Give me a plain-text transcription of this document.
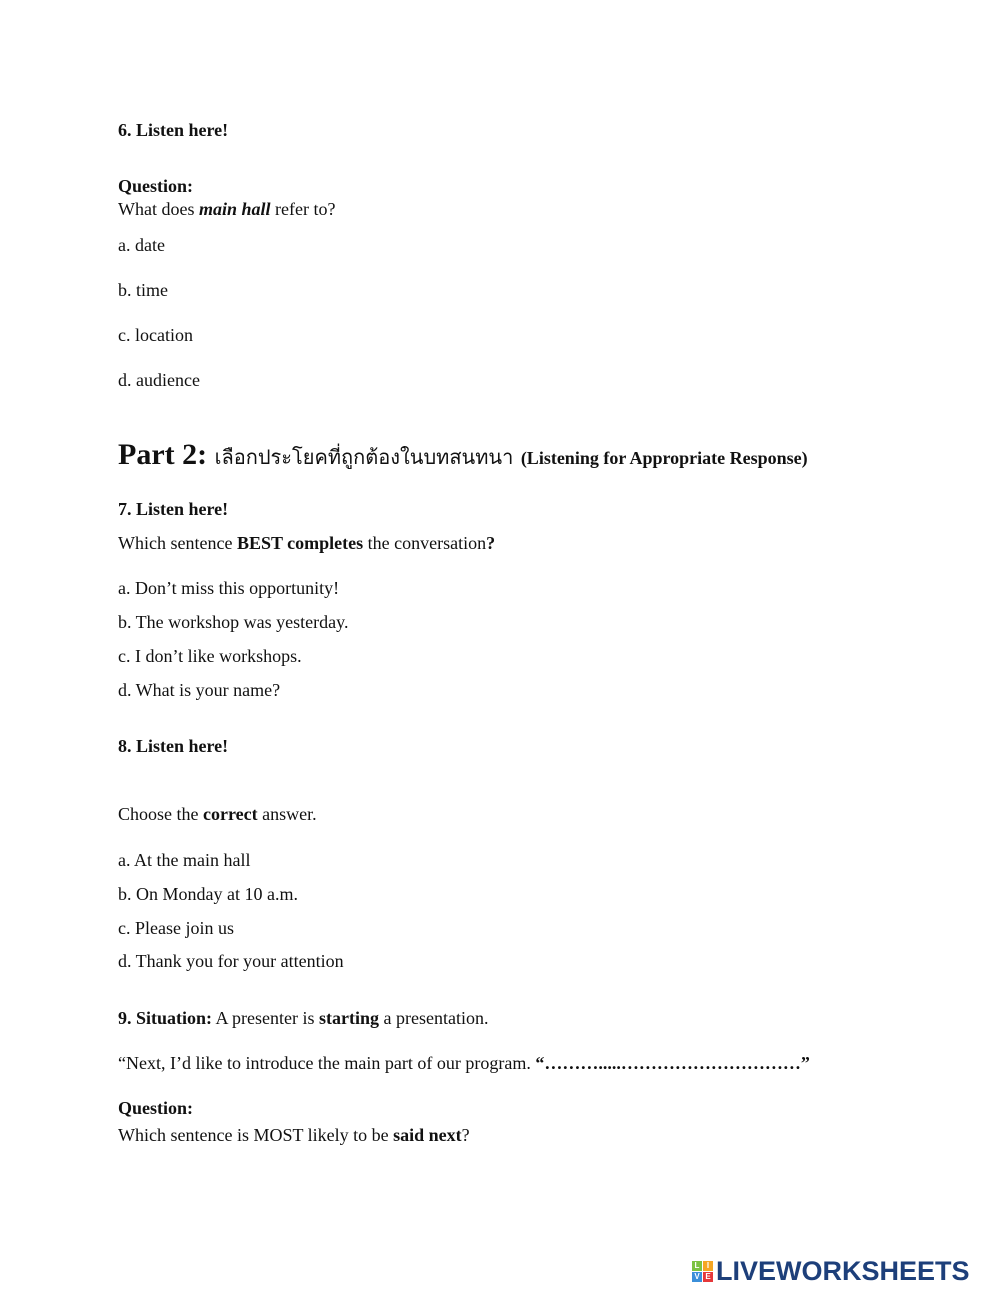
6. Listen here!
Question:
What does main hall refer to?
a. date
b. time
c. location
d. audience
Part 2: เลือกประโยคที่ถูกต้องในบทสนทนา (Listening for Appropriate Response)
7. Listen here!
Which sentence BEST completes the conversation?
a. Don’t miss this opportunity!
b. The workshop was yesterday.
c. I don’t like workshops.
d. What is your name?
8. Listen here!
Choose the correct answer.
a. At the main hall
b. On Monday at 10 a.m.
c. Please join us
d. Thank you for your attention
9. Situation: A presenter is starting a presentation.
“Next, I’d like to introduce the main part of our program. “……….....…………………………”
Question:
Which sentence is MOST likely to be said next?
L I
V E LIVEWORKSHEETS
